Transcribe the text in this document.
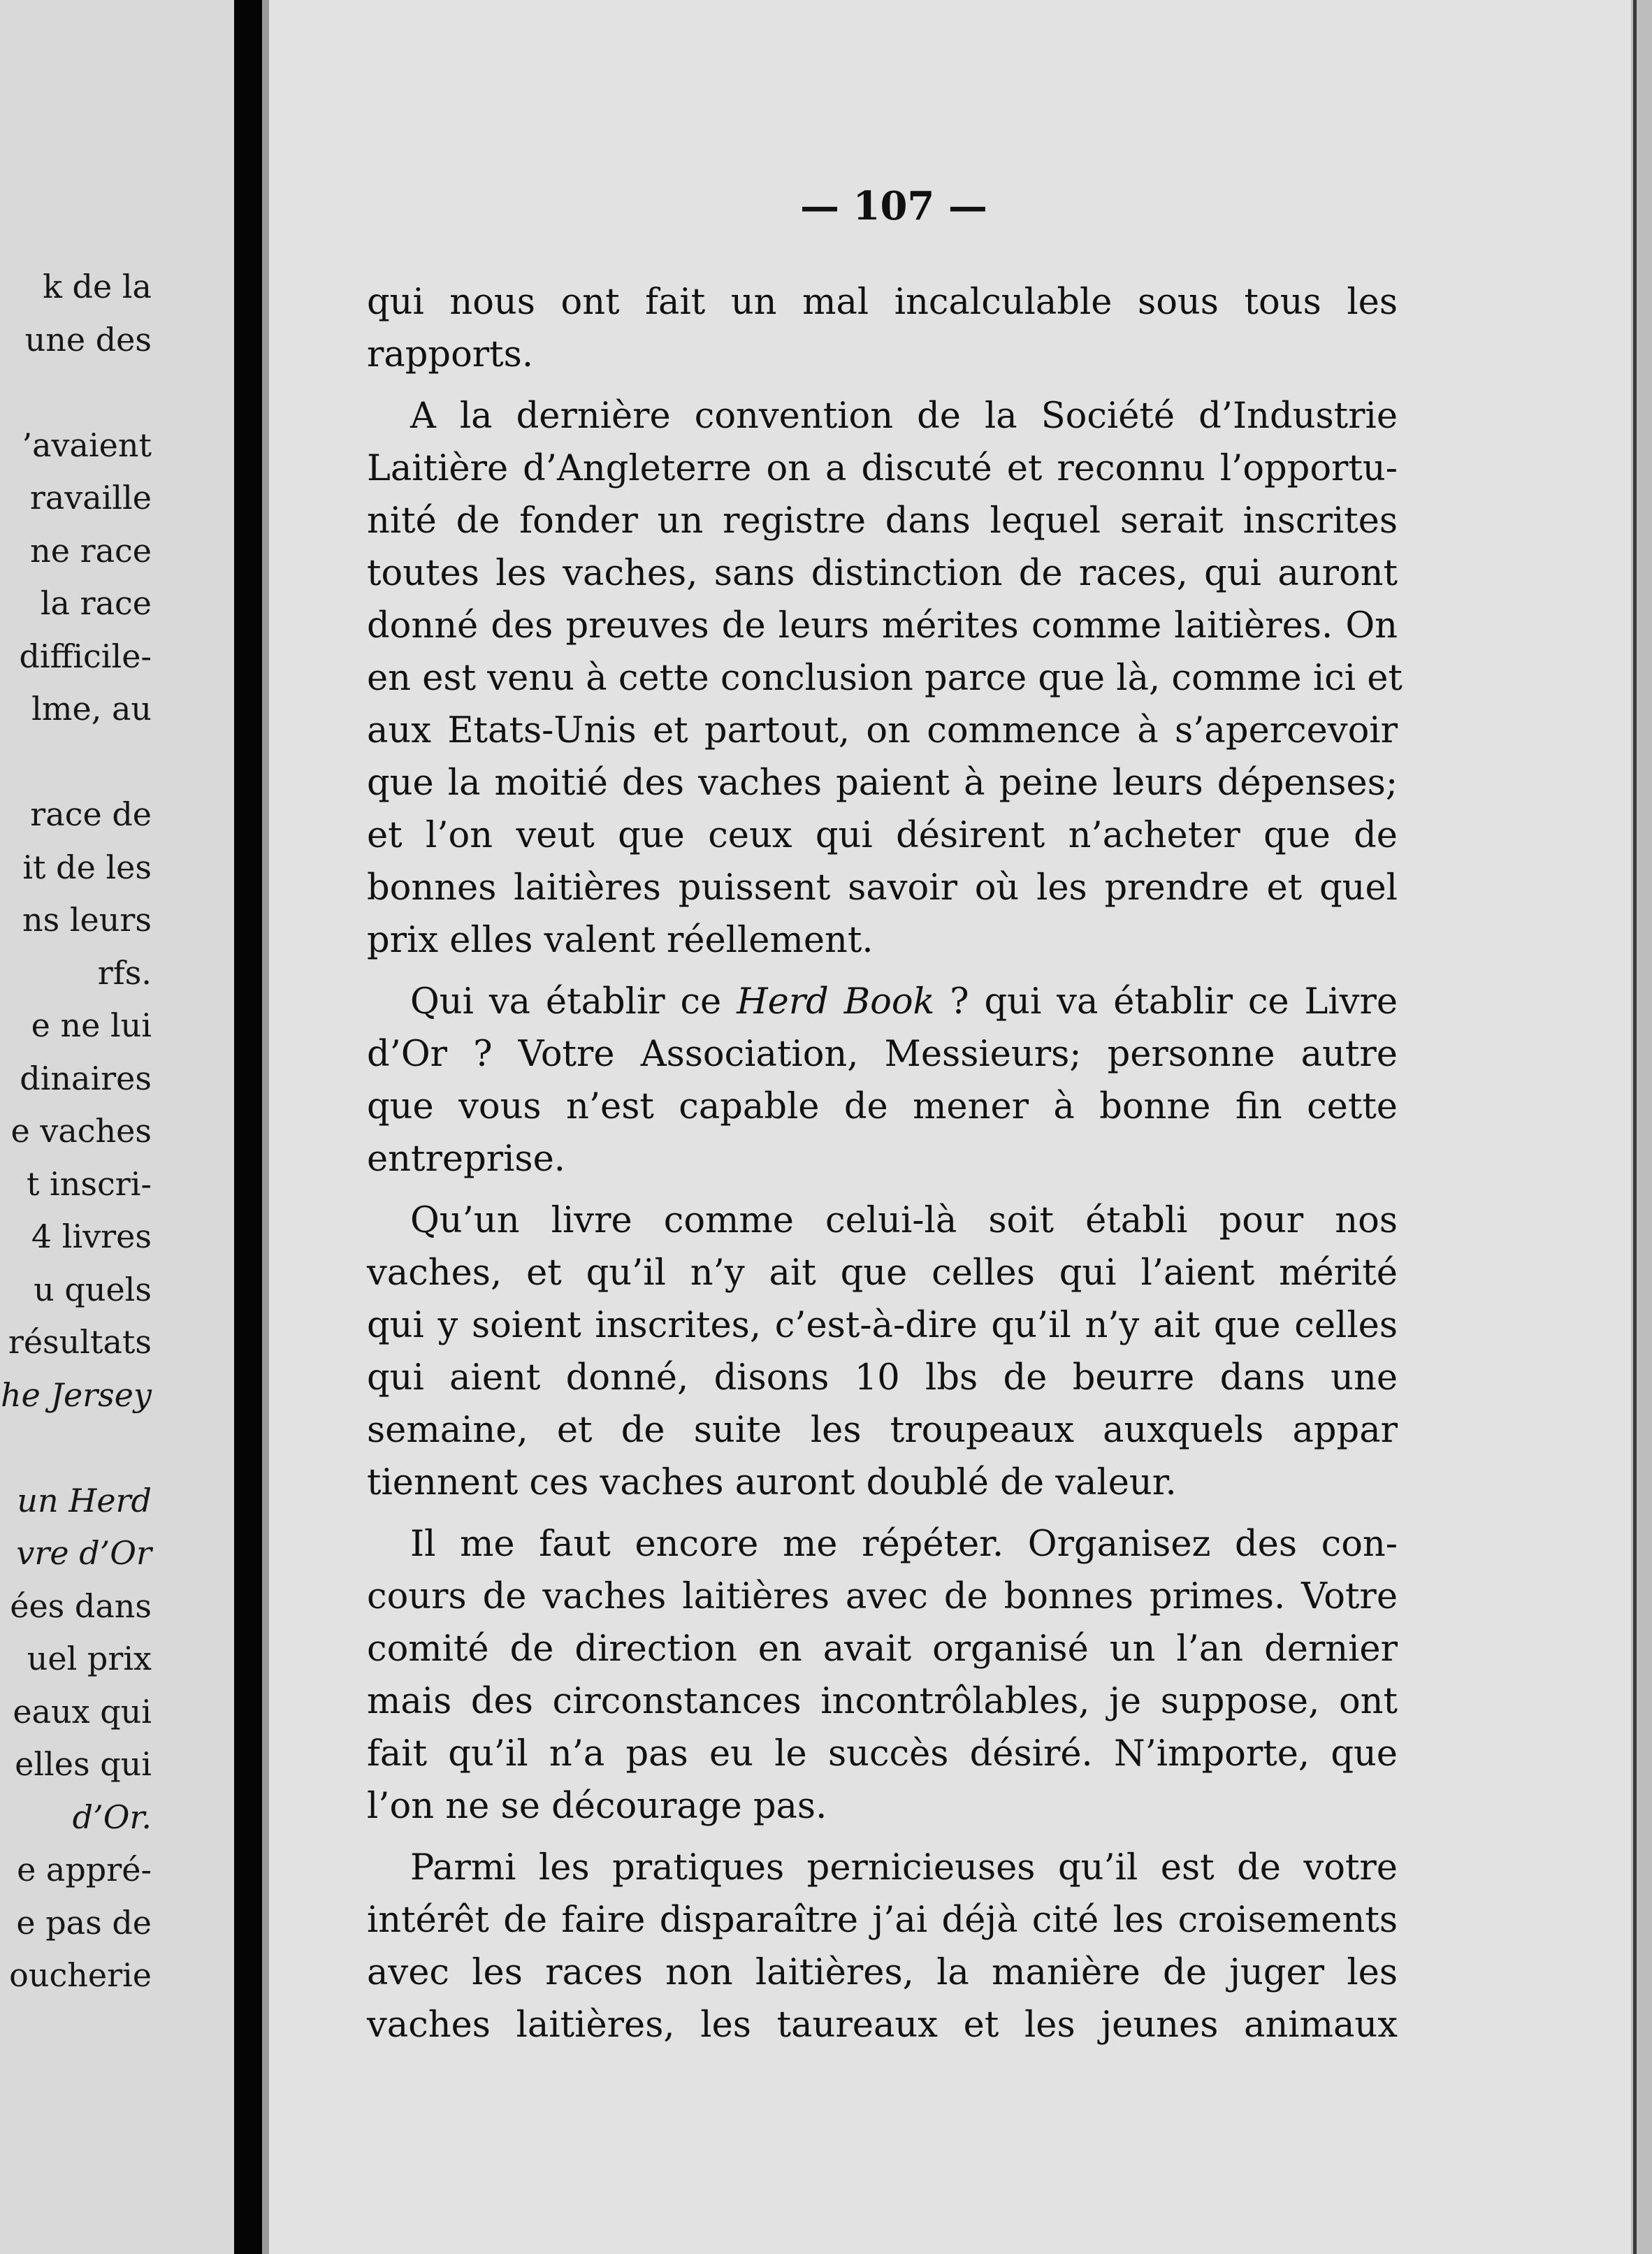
k de la
une des
’avaient
ravaille
ne race
la race
difficile-
lme, au
race de
it de les
ns leurs
rfs.
e ne lui
dinaires
e vaches
t inscri-
4 livres
u quels
résultats
he Jersey
un Herd
vre d’Or
ées dans
uel prix
eaux qui
elles qui
d’Or.
e appré-
e pas de
oucherie
— 107 —

qui nous ont fait un mal incalculable sous tous les
rapports.

A la dernière convention de la Société d’Industrie
Laitière d’Angleterre on a discuté et reconnu l’opportu-
nité de fonder un registre dans lequel serait inscrites
toutes les vaches, sans distinction de races, qui auront
donné des preuves de leurs mérites comme laitières. On
en est venu à cette conclusion parce que là, comme ici et
aux Etats-Unis et partout, on commence à s’apercevoir
que la moitié des vaches paient à peine leurs dépenses;
et l’on veut que ceux qui désirent n’acheter que de
bonnes laitières puissent savoir où les prendre et quel
prix elles valent réellement.

Qui va établir ce Herd Book ? qui va établir ce Livre
d’Or ? Votre Association, Messieurs; personne autre
que vous n’est capable de mener à bonne fin cette
entreprise.

Qu’un livre comme celui-là soit établi pour nos
vaches, et qu’il n’y ait que celles qui l’aient mérité
qui y soient inscrites, c’est-à-dire qu’il n’y ait que celles
qui aient donné, disons 10 lbs de beurre dans une
semaine, et de suite les troupeaux auxquels appar
tiennent ces vaches auront doublé de valeur.

Il me faut encore me répéter. Organisez des con-
cours de vaches laitières avec de bonnes primes. Votre
comité de direction en avait organisé un l’an dernier
mais des circonstances incontrôlables, je suppose, ont
fait qu’il n’a pas eu le succès désiré. N’importe, que
l’on ne se décourage pas.

Parmi les pratiques pernicieuses qu’il est de votre
intérêt de faire disparaître j’ai déjà cité les croisements
avec les races non laitières, la manière de juger les
vaches laitières, les taureaux et les jeunes animaux
